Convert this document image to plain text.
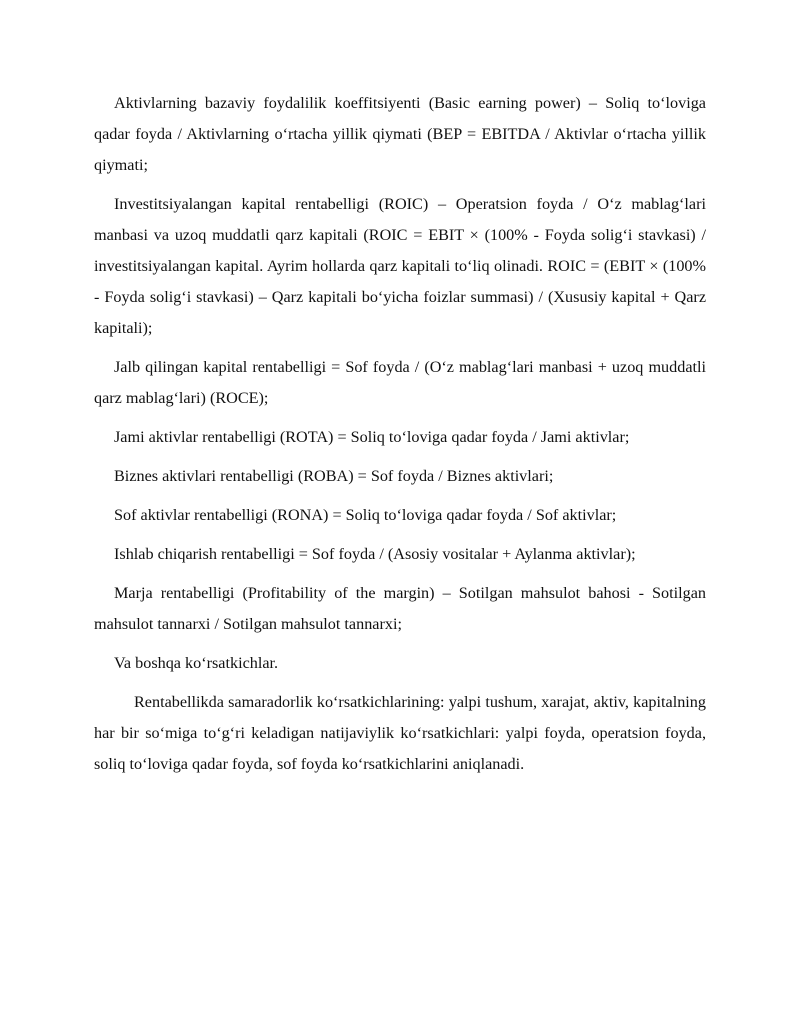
Aktivlarning bazaviy foydalilik koeffitsiyenti (Basic earning power) – Soliq to‘loviga qadar foyda / Aktivlarning o‘rtacha yillik qiymati (BEP = EBITDA / Aktivlar o‘rtacha yillik qiymati;

Investitsiyalangan kapital rentabelligi (ROIC) – Operatsion foyda / O‘z mablag‘lari manbasi va uzoq muddatli qarz kapitali (ROIC = EBIT × (100% - Foyda solig‘i stavkasi) / investitsiyalangan kapital. Ayrim hollarda qarz kapitali to‘liq olinadi. ROIC = (EBIT × (100% - Foyda solig‘i stavkasi) – Qarz kapitali bo‘yicha foizlar summasi) / (Xususiy kapital + Qarz kapitali);

Jalb qilingan kapital rentabelligi = Sof foyda / (O‘z mablag‘lari manbasi + uzoq muddatli qarz mablag‘lari) (ROCE);

Jami aktivlar rentabelligi (ROTA) = Soliq to‘loviga qadar foyda / Jami aktivlar;

Biznes aktivlari rentabelligi (ROBA) = Sof foyda / Biznes aktivlari;

Sof aktivlar rentabelligi (RONA) = Soliq to‘loviga qadar foyda / Sof aktivlar;

Ishlab chiqarish rentabelligi = Sof foyda / (Asosiy vositalar + Aylanma aktivlar);

Marja rentabelligi (Profitability of the margin) – Sotilgan mahsulot bahosi - Sotilgan mahsulot tannarxi / Sotilgan mahsulot tannarxi;

Va boshqa ko‘rsatkichlar.

Rentabellikda samaradorlik ko‘rsatkichlarining: yalpi tushum, xarajat, aktiv, kapitalning har bir so‘miga to‘g‘ri keladigan natijaviylik ko‘rsatkichlari: yalpi foyda, operatsion foyda, soliq to‘loviga qadar foyda, sof foyda ko‘rsatkichlarini aniqlanadi.
